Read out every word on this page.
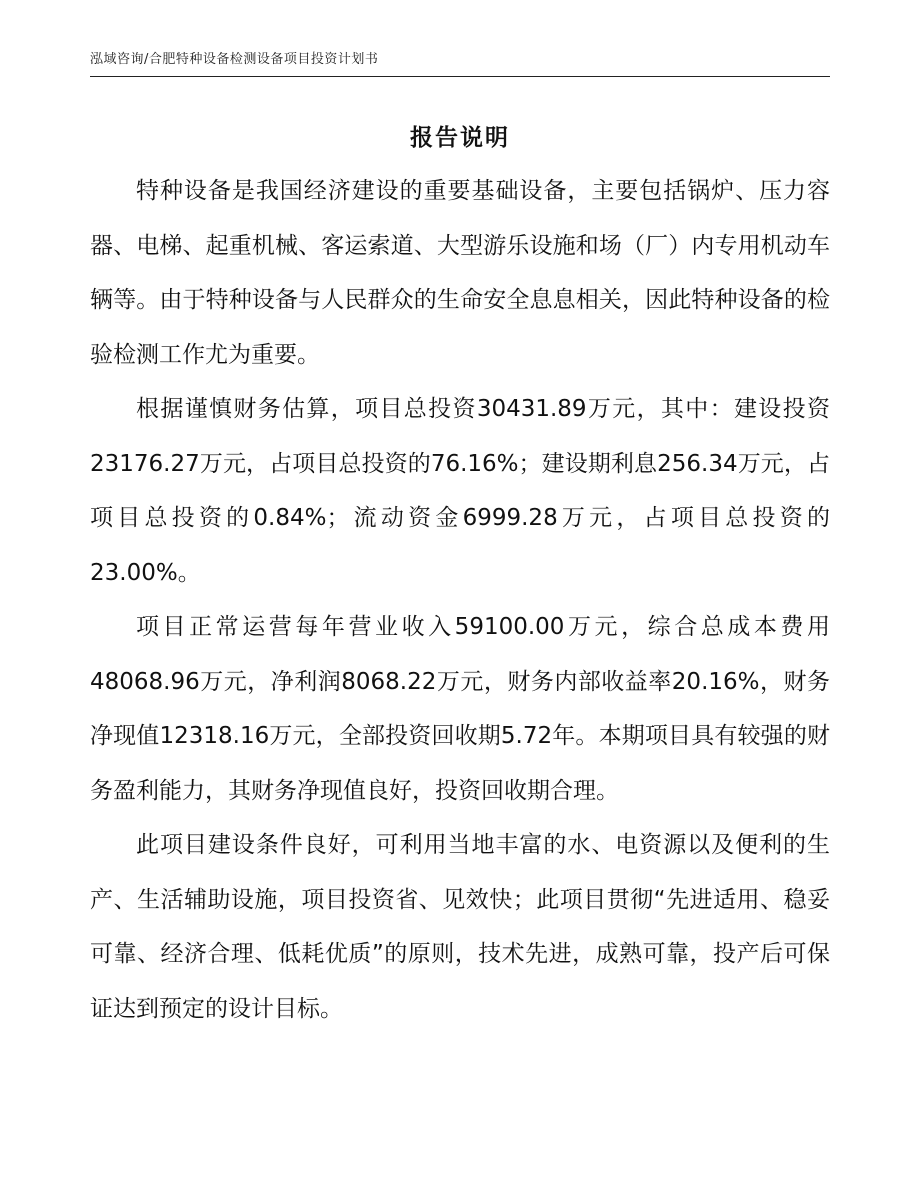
泓域咨询/合肥特种设备检测设备项目投资计划书
报告说明

特种设备是我国经济建设的重要基础设备，主要包括锅炉、压力容器、电梯、起重机械、客运索道、大型游乐设施和场（厂）内专用机动车辆等。由于特种设备与人民群众的生命安全息息相关，因此特种设备的检验检测工作尤为重要。

根据谨慎财务估算，项目总投资30431.89万元，其中：建设投资23176.27万元，占项目总投资的76.16%；建设期利息256.34万元，占项目总投资的0.84%；流动资金6999.28万元，占项目总投资的23.00%。

项目正常运营每年营业收入59100.00万元，综合总成本费用48068.96万元，净利润8068.22万元，财务内部收益率20.16%，财务净现值12318.16万元，全部投资回收期5.72年。本期项目具有较强的财务盈利能力，其财务净现值良好，投资回收期合理。

此项目建设条件良好，可利用当地丰富的水、电资源以及便利的生产、生活辅助设施，项目投资省、见效快；此项目贯彻“先进适用、稳妥可靠、经济合理、低耗优质”的原则，技术先进，成熟可靠，投产后可保证达到预定的设计目标。
